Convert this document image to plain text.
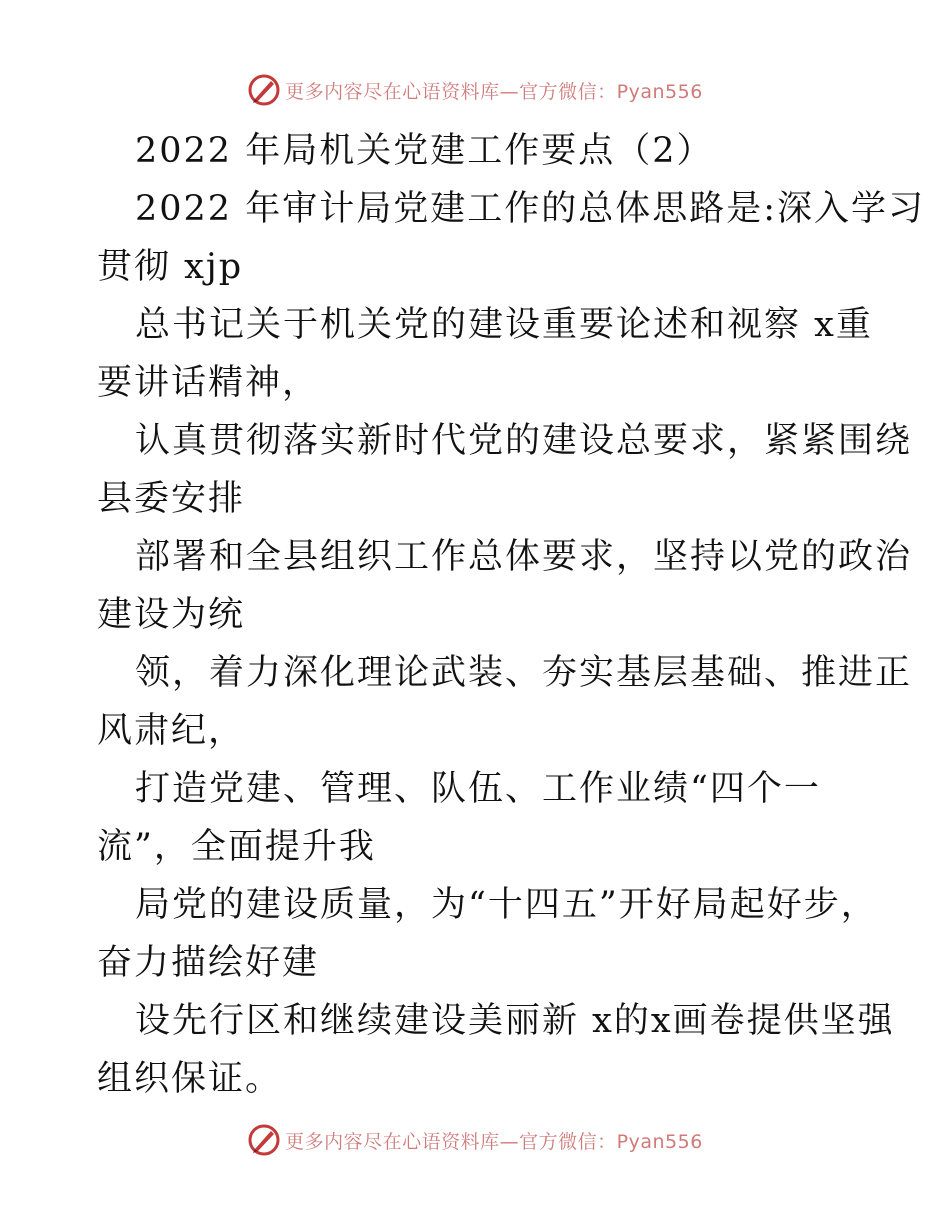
更多内容尽在心语资料库—官方微信：Pyan556
2022 年局机关党建工作要点（2）
2022 年审计局党建工作的总体思路是:深入学习
贯彻 xjp
总书记关于机关党的建设重要论述和视察 x重
要讲话精神，
认真贯彻落实新时代党的建设总要求，紧紧围绕
县委安排
部署和全县组织工作总体要求，坚持以党的政治
建设为统
领，着力深化理论武装、夯实基层基础、推进正
风肃纪，
打造党建、管理、队伍、工作业绩“四个一
流”，全面提升我
局党的建设质量，为“十四五”开好局起好步，
奋力描绘好建
设先行区和继续建设美丽新 x的x画卷提供坚强
组织保证。
更多内容尽在心语资料库—官方微信：Pyan556
